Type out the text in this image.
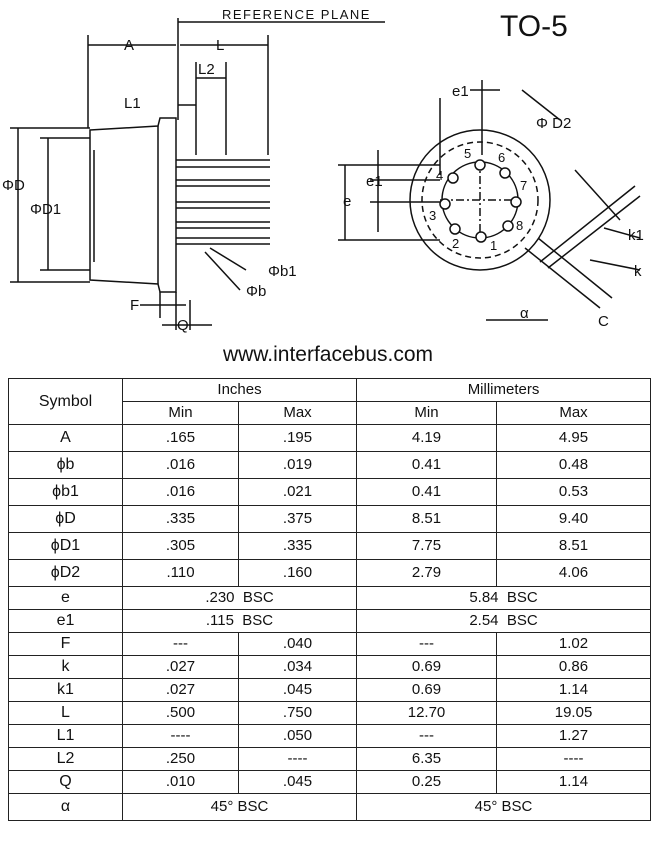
REFERENCE PLANE
A	L
L2
L1
ΦD
ΦD1
Φb1
Φb
F
Q
e1
Φ D2
e1
e
k1
k
α	C
1
2
3
4
5 6
7
8
TO-5
www.interfacebus.com
Symbol	Inches		Millimeters	
	Min	Max	Min	Max
A	.165	.195	4.19	4.95
ϕb	.016	.019	0.41	0.48
ϕb1	.016	.021	0.41	0.53
ϕD	.335	.375	8.51	9.40
ϕD1	.305	.335	7.75	8.51
ϕD2	.110	.160	2.79	4.06
e	.230  BSC		5.84  BSC	
e1	.115  BSC		2.54  BSC	
F	---	.040	---	1.02
k	.027	.034	0.69	0.86
k1	.027	.045	0.69	1.14
L	.500	.750	12.70	19.05
L1	----	.050	---	1.27
L2	.250	----	6.35	----
Q	.010	.045	0.25	1.14
α	45° BSC		45° BSC	
